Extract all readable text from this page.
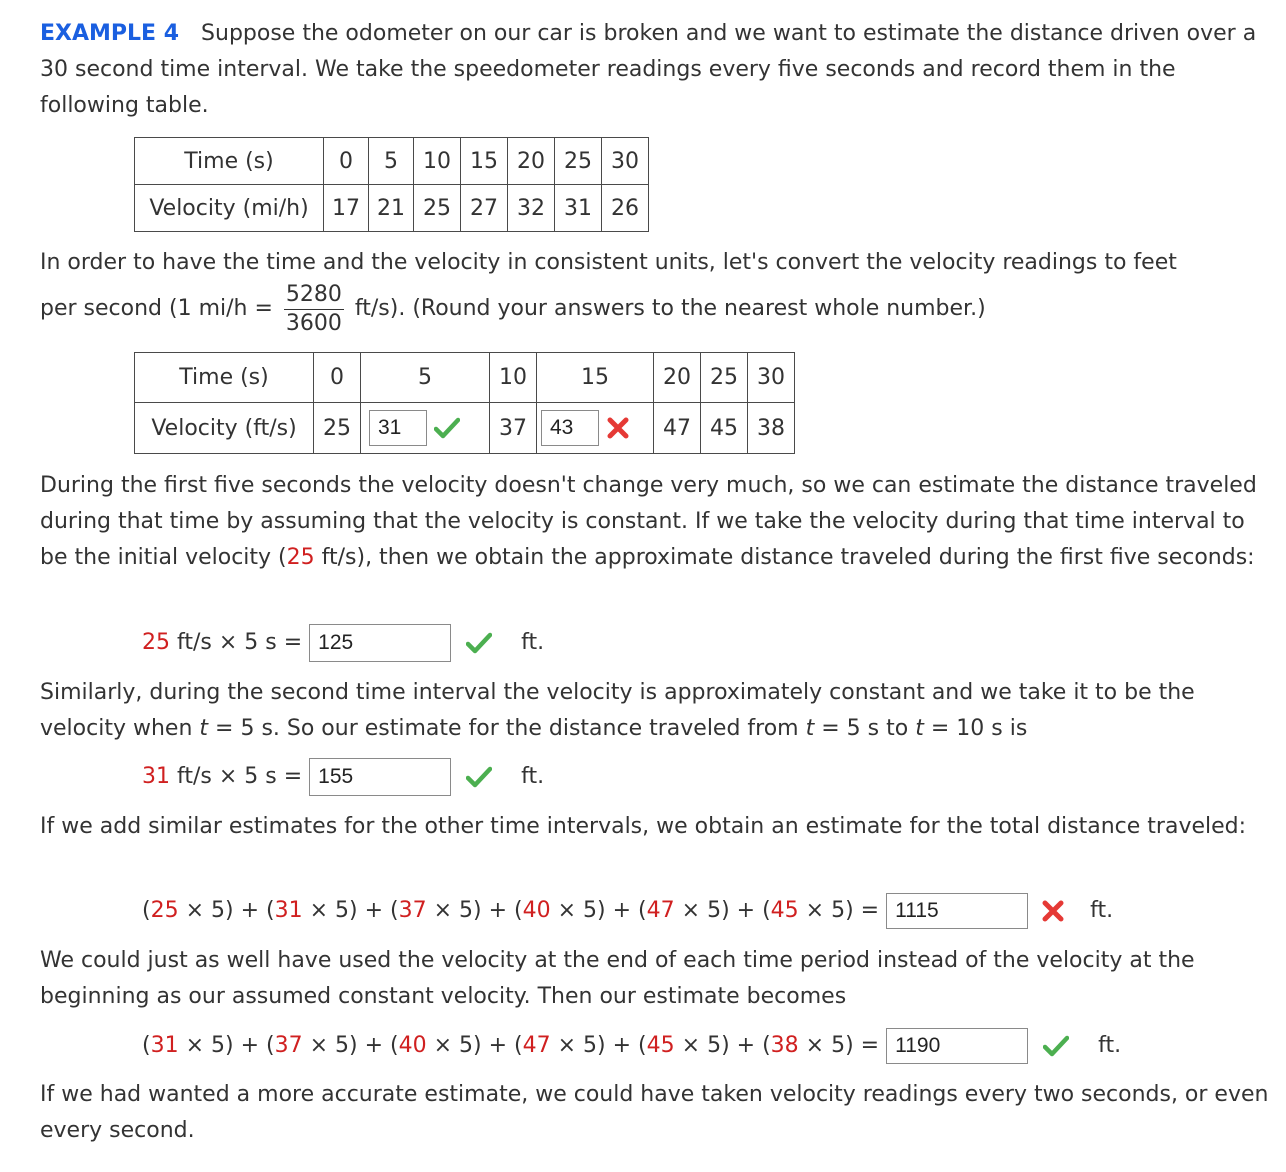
EXAMPLE 4 Suppose the odometer on our car is broken and we want to estimate the distance driven over a 30 second time interval. We take the speedometer readings every five seconds and record them in the following table.
Time (s)	0	5	10	15	20	25	30
Velocity (mi/h)	17	21	25	27	32	31	26
In order to have the time and the velocity in consistent units, let's convert the velocity readings to feet
per second (1 $mi/h = \frac{5280}{3600} ft/s$). (Round your answers to the nearest whole number.)
Time (s)	0	5	10	15	20	25	30
Velocity (ft/s)	25	31	37	43	47	45	38
During the first five seconds the velocity doesn't change very much, so we can estimate the distance traveled during that time by assuming that the velocity is constant. If we take the velocity during that time interval to be the initial velocity (25 ft/s), then we obtain the approximate distance traveled during the first five seconds:
25 ft/s × 5 s = 125	ft.
Similarly, during the second time interval the velocity is approximately constant and we take it to be the velocity when t = 5 s. So our estimate for the distance traveled from t = 5 s to t = 10 s is
31 ft/s × 5 s = 155	ft.
If we add similar estimates for the other time intervals, we obtain an estimate for the total distance traveled:
(25 × 5) + (31 × 5) + (37 × 5) + (40 × 5) + (47 × 5) + (45 × 5) = 1115	ft.
We could just as well have used the velocity at the end of each time period instead of the velocity at the beginning as our assumed constant velocity. Then our estimate becomes
(31 × 5) + (37 × 5) + (40 × 5) + (47 × 5) + (45 × 5) + (38 × 5) = 1190	ft.
If we had wanted a more accurate estimate, we could have taken velocity readings every two seconds, or even every second.
